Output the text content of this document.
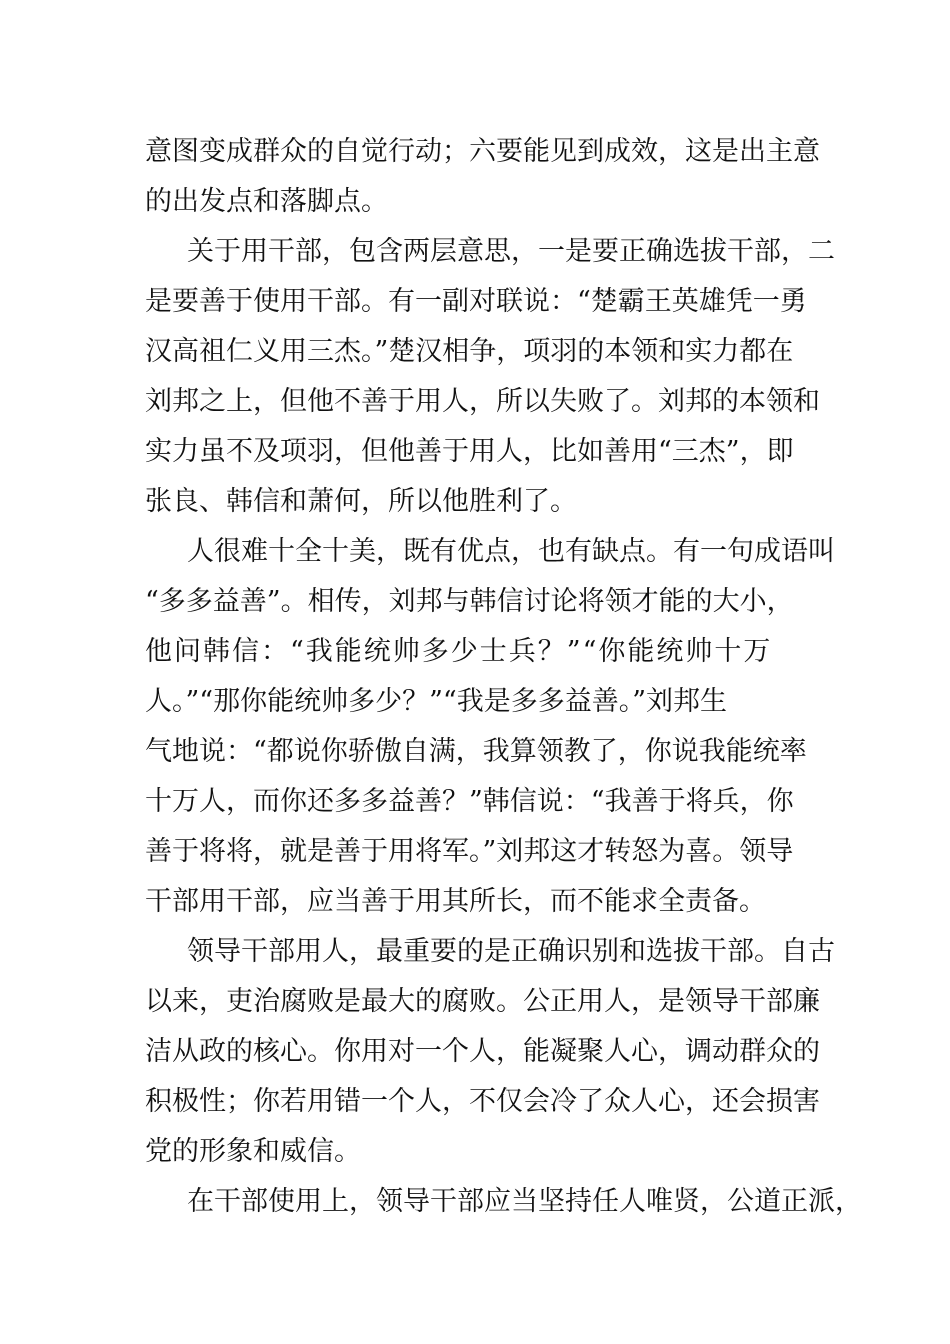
意图变成群众的自觉行动；六要能见到成效，这是出主意
的出发点和落脚点。
关于用干部，包含两层意思，一是要正确选拔干部，二
是要善于使用干部。有一副对联说：“楚霸王英雄凭一勇
汉高祖仁义用三杰。”楚汉相争，项羽的本领和实力都在
刘邦之上，但他不善于用人，所以失败了。刘邦的本领和
实力虽不及项羽，但他善于用人，比如善用“三杰”，即
张良、韩信和萧何，所以他胜利了。
人很难十全十美，既有优点，也有缺点。有一句成语叫
“多多益善”。相传，刘邦与韩信讨论将领才能的大小，
他问韩信：“我能统帅多少士兵？”“你能统帅十万
人。”“那你能统帅多少？”“我是多多益善。”刘邦生
气地说：“都说你骄傲自满，我算领教了，你说我能统率
十万人，而你还多多益善？”韩信说：“我善于将兵，你
善于将将，就是善于用将军。”刘邦这才转怒为喜。领导
干部用干部，应当善于用其所长，而不能求全责备。
领导干部用人，最重要的是正确识别和选拔干部。自古
以来，吏治腐败是最大的腐败。公正用人，是领导干部廉
洁从政的核心。你用对一个人，能凝聚人心，调动群众的
积极性；你若用错一个人，不仅会冷了众人心，还会损害
党的形象和威信。
在干部使用上，领导干部应当坚持任人唯贤，公道正派，
